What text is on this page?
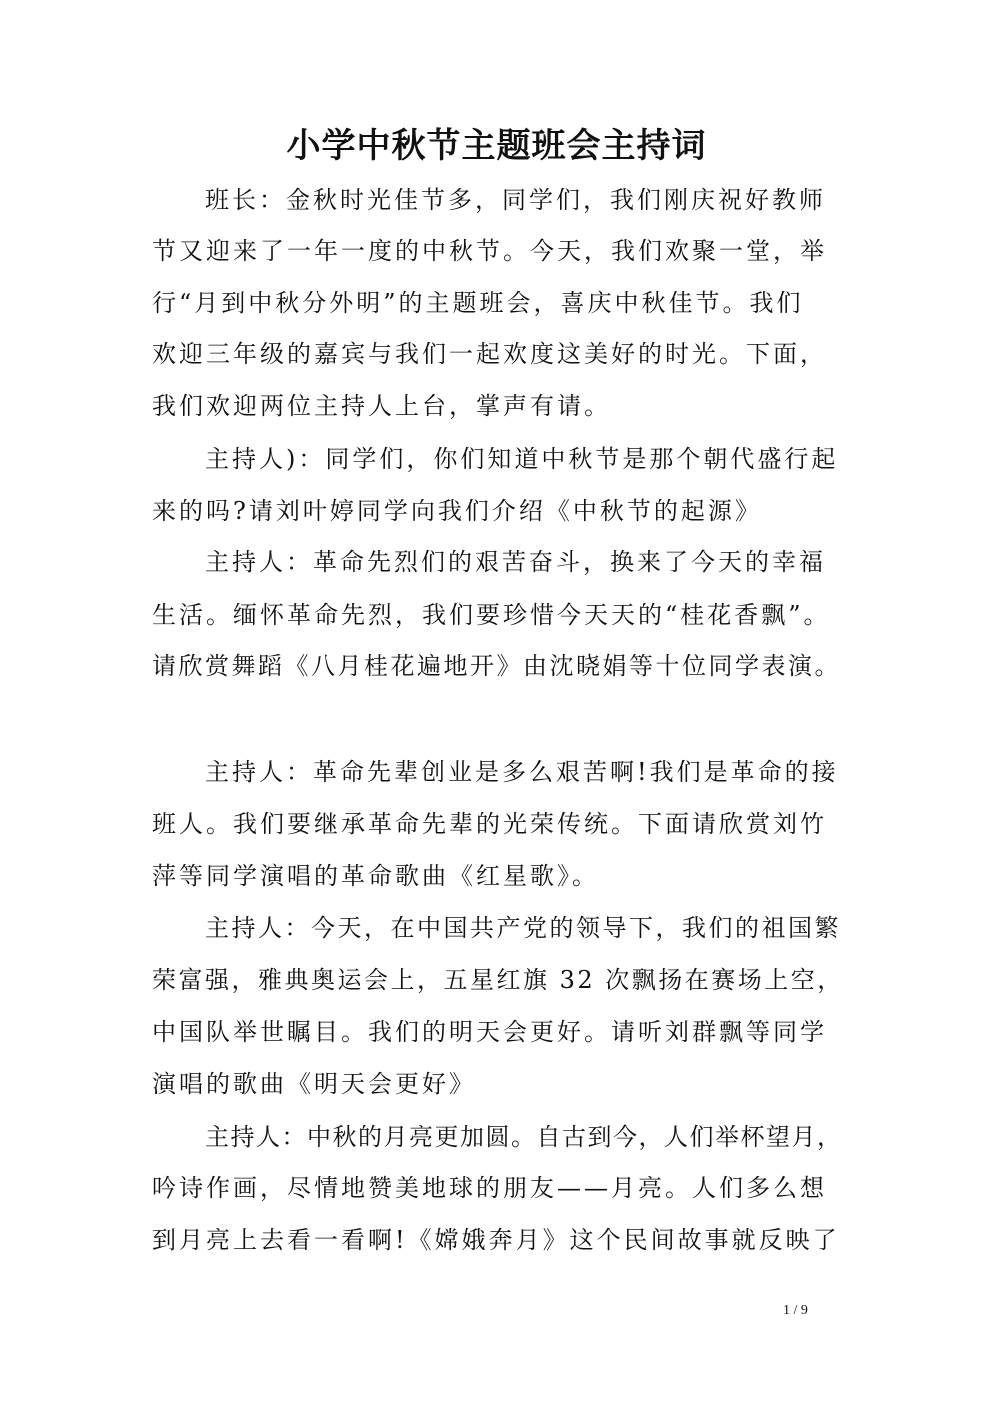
小学中秋节主题班会主持词
班长：金秋时光佳节多，同学们，我们刚庆祝好教师
节又迎来了一年一度的中秋节。今天，我们欢聚一堂，举
行“月到中秋分外明”的主题班会，喜庆中秋佳节。我们
欢迎三年级的嘉宾与我们一起欢度这美好的时光。下面，
我们欢迎两位主持人上台，掌声有请。
主持人)：同学们，你们知道中秋节是那个朝代盛行起
来的吗?请刘叶婷同学向我们介绍《中秋节的起源》
主持人：革命先烈们的艰苦奋斗，换来了今天的幸福
生活。缅怀革命先烈，我们要珍惜今天天的“桂花香飘”。
请欣赏舞蹈《八月桂花遍地开》由沈晓娟等十位同学表演。
主持人：革命先辈创业是多么艰苦啊!我们是革命的接
班人。我们要继承革命先辈的光荣传统。下面请欣赏刘竹
萍等同学演唱的革命歌曲《红星歌》。
主持人：今天，在中国共产党的领导下，我们的祖国繁
荣富强，雅典奥运会上，五星红旗 32 次飘扬在赛场上空，
中国队举世瞩目。我们的明天会更好。请听刘群飘等同学
演唱的歌曲《明天会更好》
主持人：中秋的月亮更加圆。自古到今，人们举杯望月，
吟诗作画，尽情地赞美地球的朋友——月亮。人们多么想
到月亮上去看一看啊!《嫦娥奔月》这个民间故事就反映了
1 / 9
